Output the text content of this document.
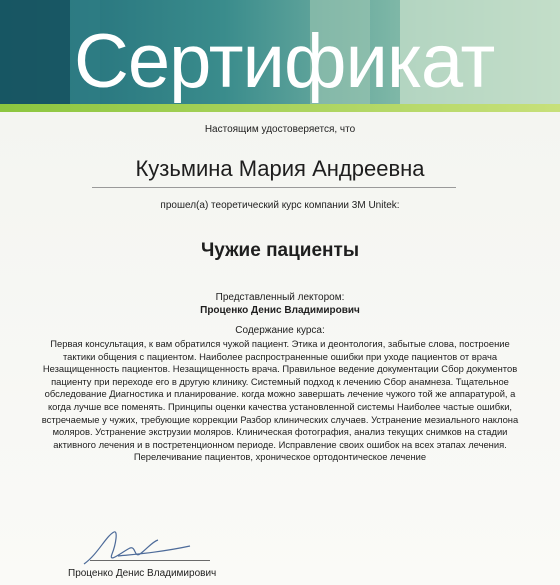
Сертификат
Настоящим удостоверяется, что
Кузьмина Мария Андреевна
прошел(а) теоретический курс компании 3М Unitek:
Чужие пациенты
Представленный лектором:
Проценко Денис Владимирович
Содержание курса:
Первая консультация, к вам обратился чужой пациент. Этика и деонтология, забытые слова, построение тактики общения с пациентом. Наиболее распространенные ошибки при уходе пациентов от врача Незащищенность пациентов. Незащищенность врача. Правильное ведение документации Сбор документов пациенту при переходе его в другую клинику. Системный подход к лечению Сбор анамнеза. Тщательное обследование Диагностика и планирование. когда можно завершать лечение чужого той же аппаратурой, а когда лучше все поменять. Принципы оценки качества установленной системы Наиболее частые ошибки, встречаемые у чужих, требующие коррекции Разбор клинических случаев. Устранение мезиального наклона моляров. Устранение экструзии моляров. Клиническая фотография, анализ текущих снимков на стадии активного лечения и в постретенционном периоде. Исправление своих ошибок на всех этапах лечения. Перелечивание пациентов, хроническое ортодонтическое лечение
Проценко Денис Владимирович
